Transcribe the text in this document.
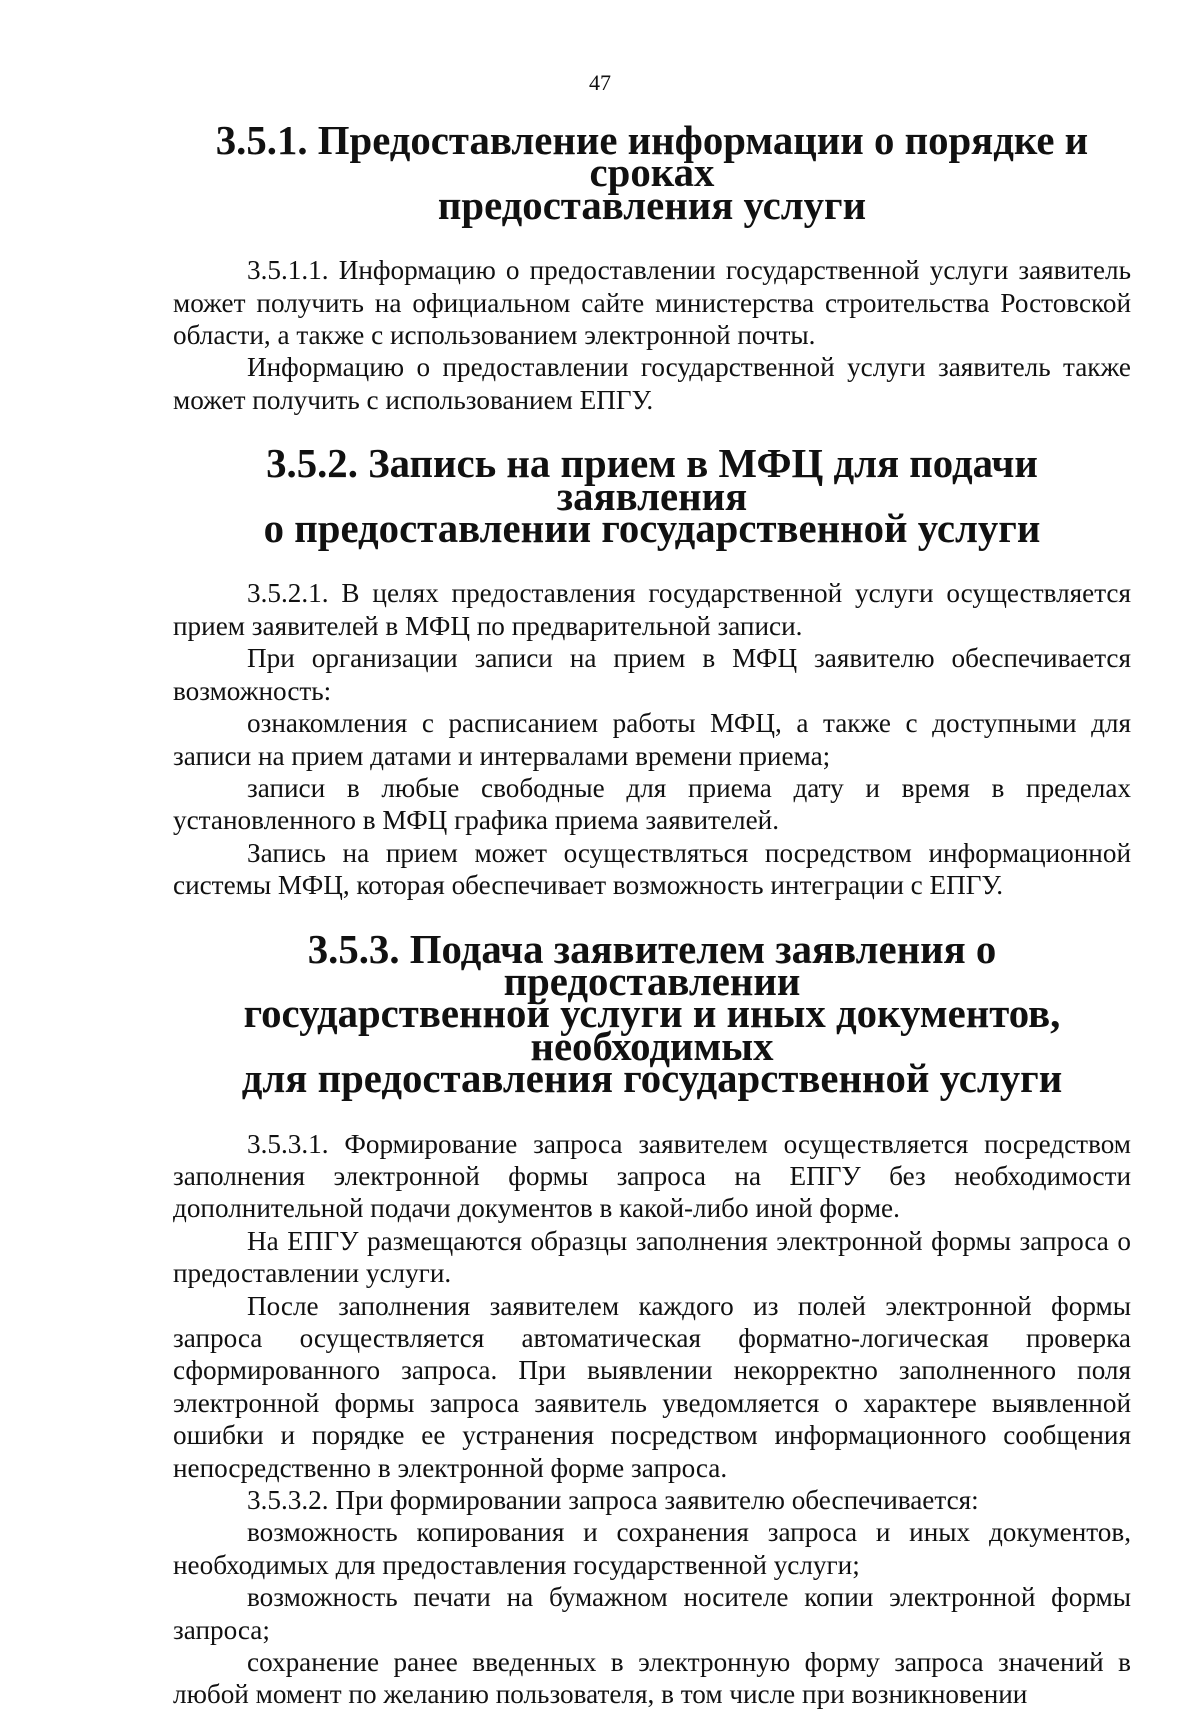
47
3.5.1. Предоставление информации о порядке и сроках
предоставления услуги

3.5.1.1. Информацию о предоставлении государственной услуги заявитель может получить на официальном сайте министерства строительства Ростовской области, а также с использованием электронной почты.

Информацию о предоставлении государственной услуги заявитель также может получить с использованием ЕПГУ.

3.5.2. Запись на прием в МФЦ для подачи заявления
о предоставлении государственной услуги

3.5.2.1. В целях предоставления государственной услуги осуществляется прием заявителей в МФЦ по предварительной записи.

При организации записи на прием в МФЦ заявителю обеспечивается возможность:

ознакомления с расписанием работы МФЦ, а также с доступными для записи на прием датами и интервалами времени приема;

записи в любые свободные для приема дату и время в пределах установленного в МФЦ графика приема заявителей.

Запись на прием может осуществляться посредством информационной системы МФЦ, которая обеспечивает возможность интеграции с ЕПГУ.

3.5.3. Подача заявителем заявления о предоставлении
государственной услуги и иных документов, необходимых
для предоставления государственной услуги

3.5.3.1. Формирование запроса заявителем осуществляется посредством заполнения электронной формы запроса на ЕПГУ без необходимости дополнительной подачи документов в какой-либо иной форме.

На ЕПГУ размещаются образцы заполнения электронной формы запроса о предоставлении услуги.

После заполнения заявителем каждого из полей электронной формы запроса осуществляется автоматическая форматно-логическая проверка сформированного запроса. При выявлении некорректно заполненного поля электронной формы запроса заявитель уведомляется о характере выявленной ошибки и порядке ее устранения посредством информационного сообщения непосредственно в электронной форме запроса.

3.5.3.2. При формировании запроса заявителю обеспечивается:

возможность копирования и сохранения запроса и иных документов, необходимых для предоставления государственной услуги;

возможность печати на бумажном носителе копии электронной формы запроса;

сохранение ранее введенных в электронную форму запроса значений в любой момент по желанию пользователя, в том числе при возникновении
